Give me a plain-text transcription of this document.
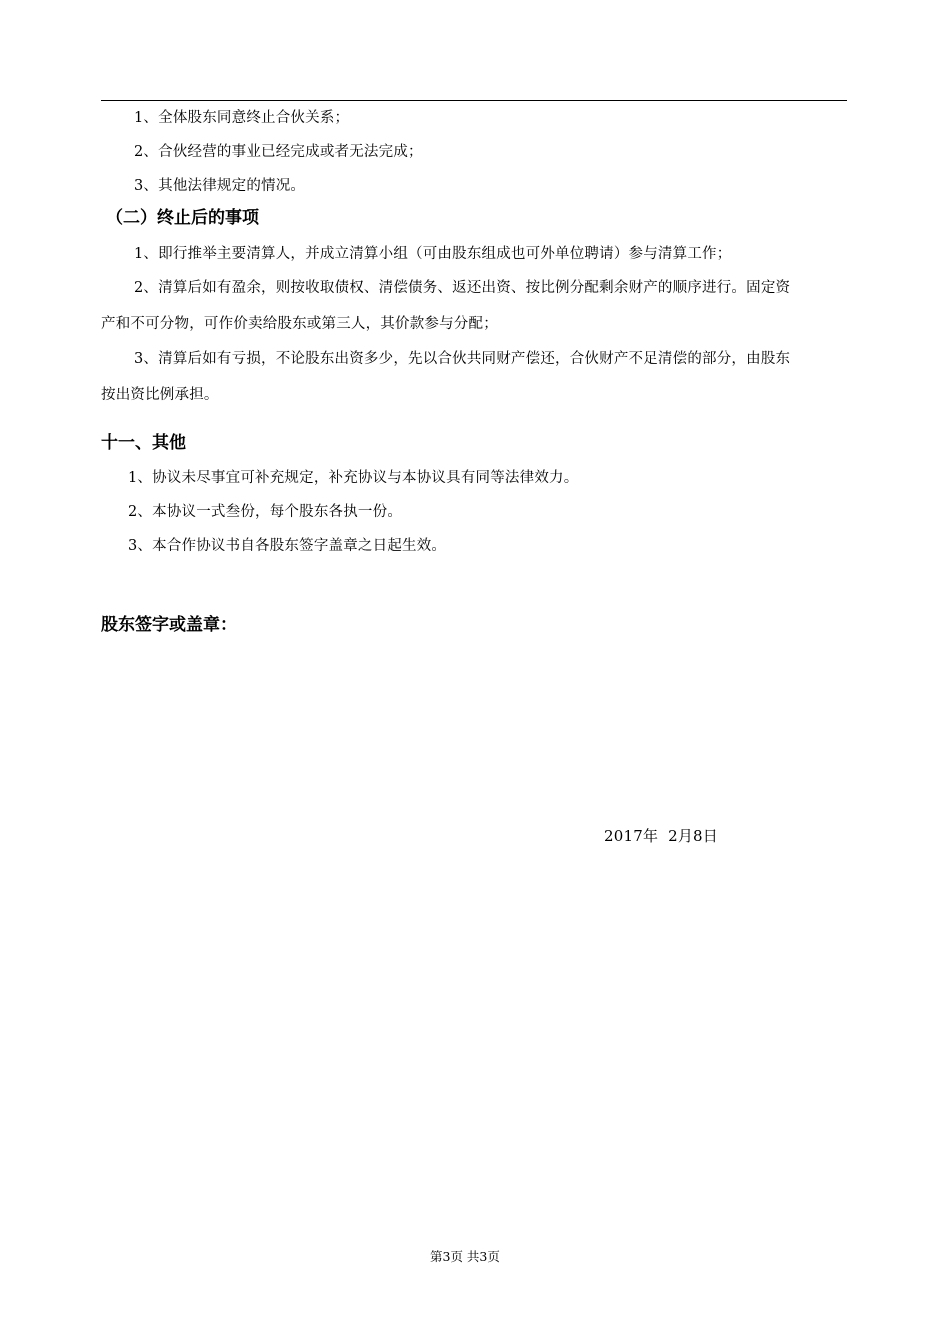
1、全体股东同意终止合伙关系；
2、合伙经营的事业已经完成或者无法完成；
3、其他法律规定的情况。
（二）终止后的事项
1、即行推举主要清算人，并成立清算小组（可由股东组成也可外单位聘请）参与清算工作；
2、清算后如有盈余，则按收取债权、清偿债务、返还出资、按比例分配剩余财产的顺序进行。固定资
产和不可分物，可作价卖给股东或第三人，其价款参与分配；
3、清算后如有亏损，不论股东出资多少，先以合伙共同财产偿还，合伙财产不足清偿的部分，由股东
按出资比例承担。
十一、其他
1、协议未尽事宜可补充规定，补充协议与本协议具有同等法律效力。
2、本协议一式叁份，每个股东各执一份。
3、本合作协议书自各股东签字盖章之日起生效。
股东签字或盖章：
2017年  2月8日
第3页 共3页
